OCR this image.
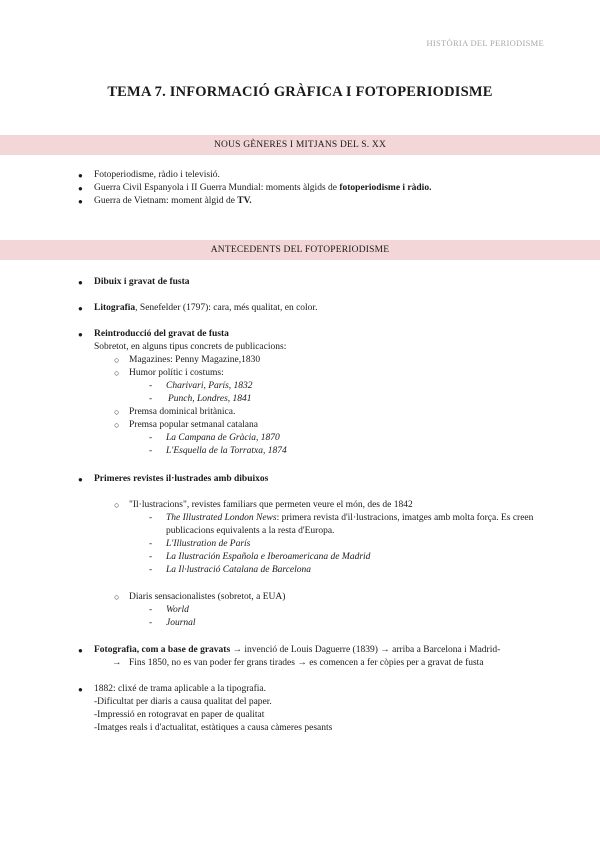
HISTÒRIA DEL PERIODISME
TEMA 7. INFORMACIÓ GRÀFICA I FOTOPERIODISME
NOUS GÈNERES I MITJANS DEL S. XX
● Fotoperiodisme, ràdio i televisió.
● Guerra Civil Espanyola i II Guerra Mundial: moments àlgids de fotoperiodisme i ràdio.
● Guerra de Vietnam: moment àlgid de TV.
ANTECEDENTS DEL FOTOPERIODISME
● Dibuix i gravat de fusta
● Litografia, Senefelder (1797): cara, més qualitat, en color.
● Reintroducció del gravat de fusta
Sobretot, en alguns tipus concrets de publicacions:
○ Magazines: Penny Magazine,1830
○ Humor polític i costums:
- Charivari, París, 1832
- Punch, Londres, 1841
○ Premsa dominical britànica.
○ Premsa popular setmanal catalana
- La Campana de Gràcia, 1870
- L'Esquella de la Torratxa, 1874
● Primeres revistes il·lustrades amb dibuixos
○ "Il·lustracions", revistes familiars que permeten veure el món, des de 1842
- The Illustrated London News: primera revista d'il·lustracions, imatges amb molta força. Es creen
publicacions equivalents a la resta d'Europa.
- L'Illustration de París
- La Ilustración Española e Iberoamericana de Madrid
- La Il·lustració Catalana de Barcelona
○ Diaris sensacionalistes (sobretot, a EUA)
- World
- Journal
● Fotografia, com a base de gravats → invenció de Louis Daguerre (1839) → arriba a Barcelona i Madrid-
→ Fins 1850, no es van poder fer grans tirades → es comencen a fer còpies per a gravat de fusta
● 1882: clixé de trama aplicable a la tipografia.
-Dificultat per diaris a causa qualitat del paper.
-Impressió en rotogravat en paper de qualitat
-Imatges reals i d'actualitat, estàtiques a causa càmeres pesants
